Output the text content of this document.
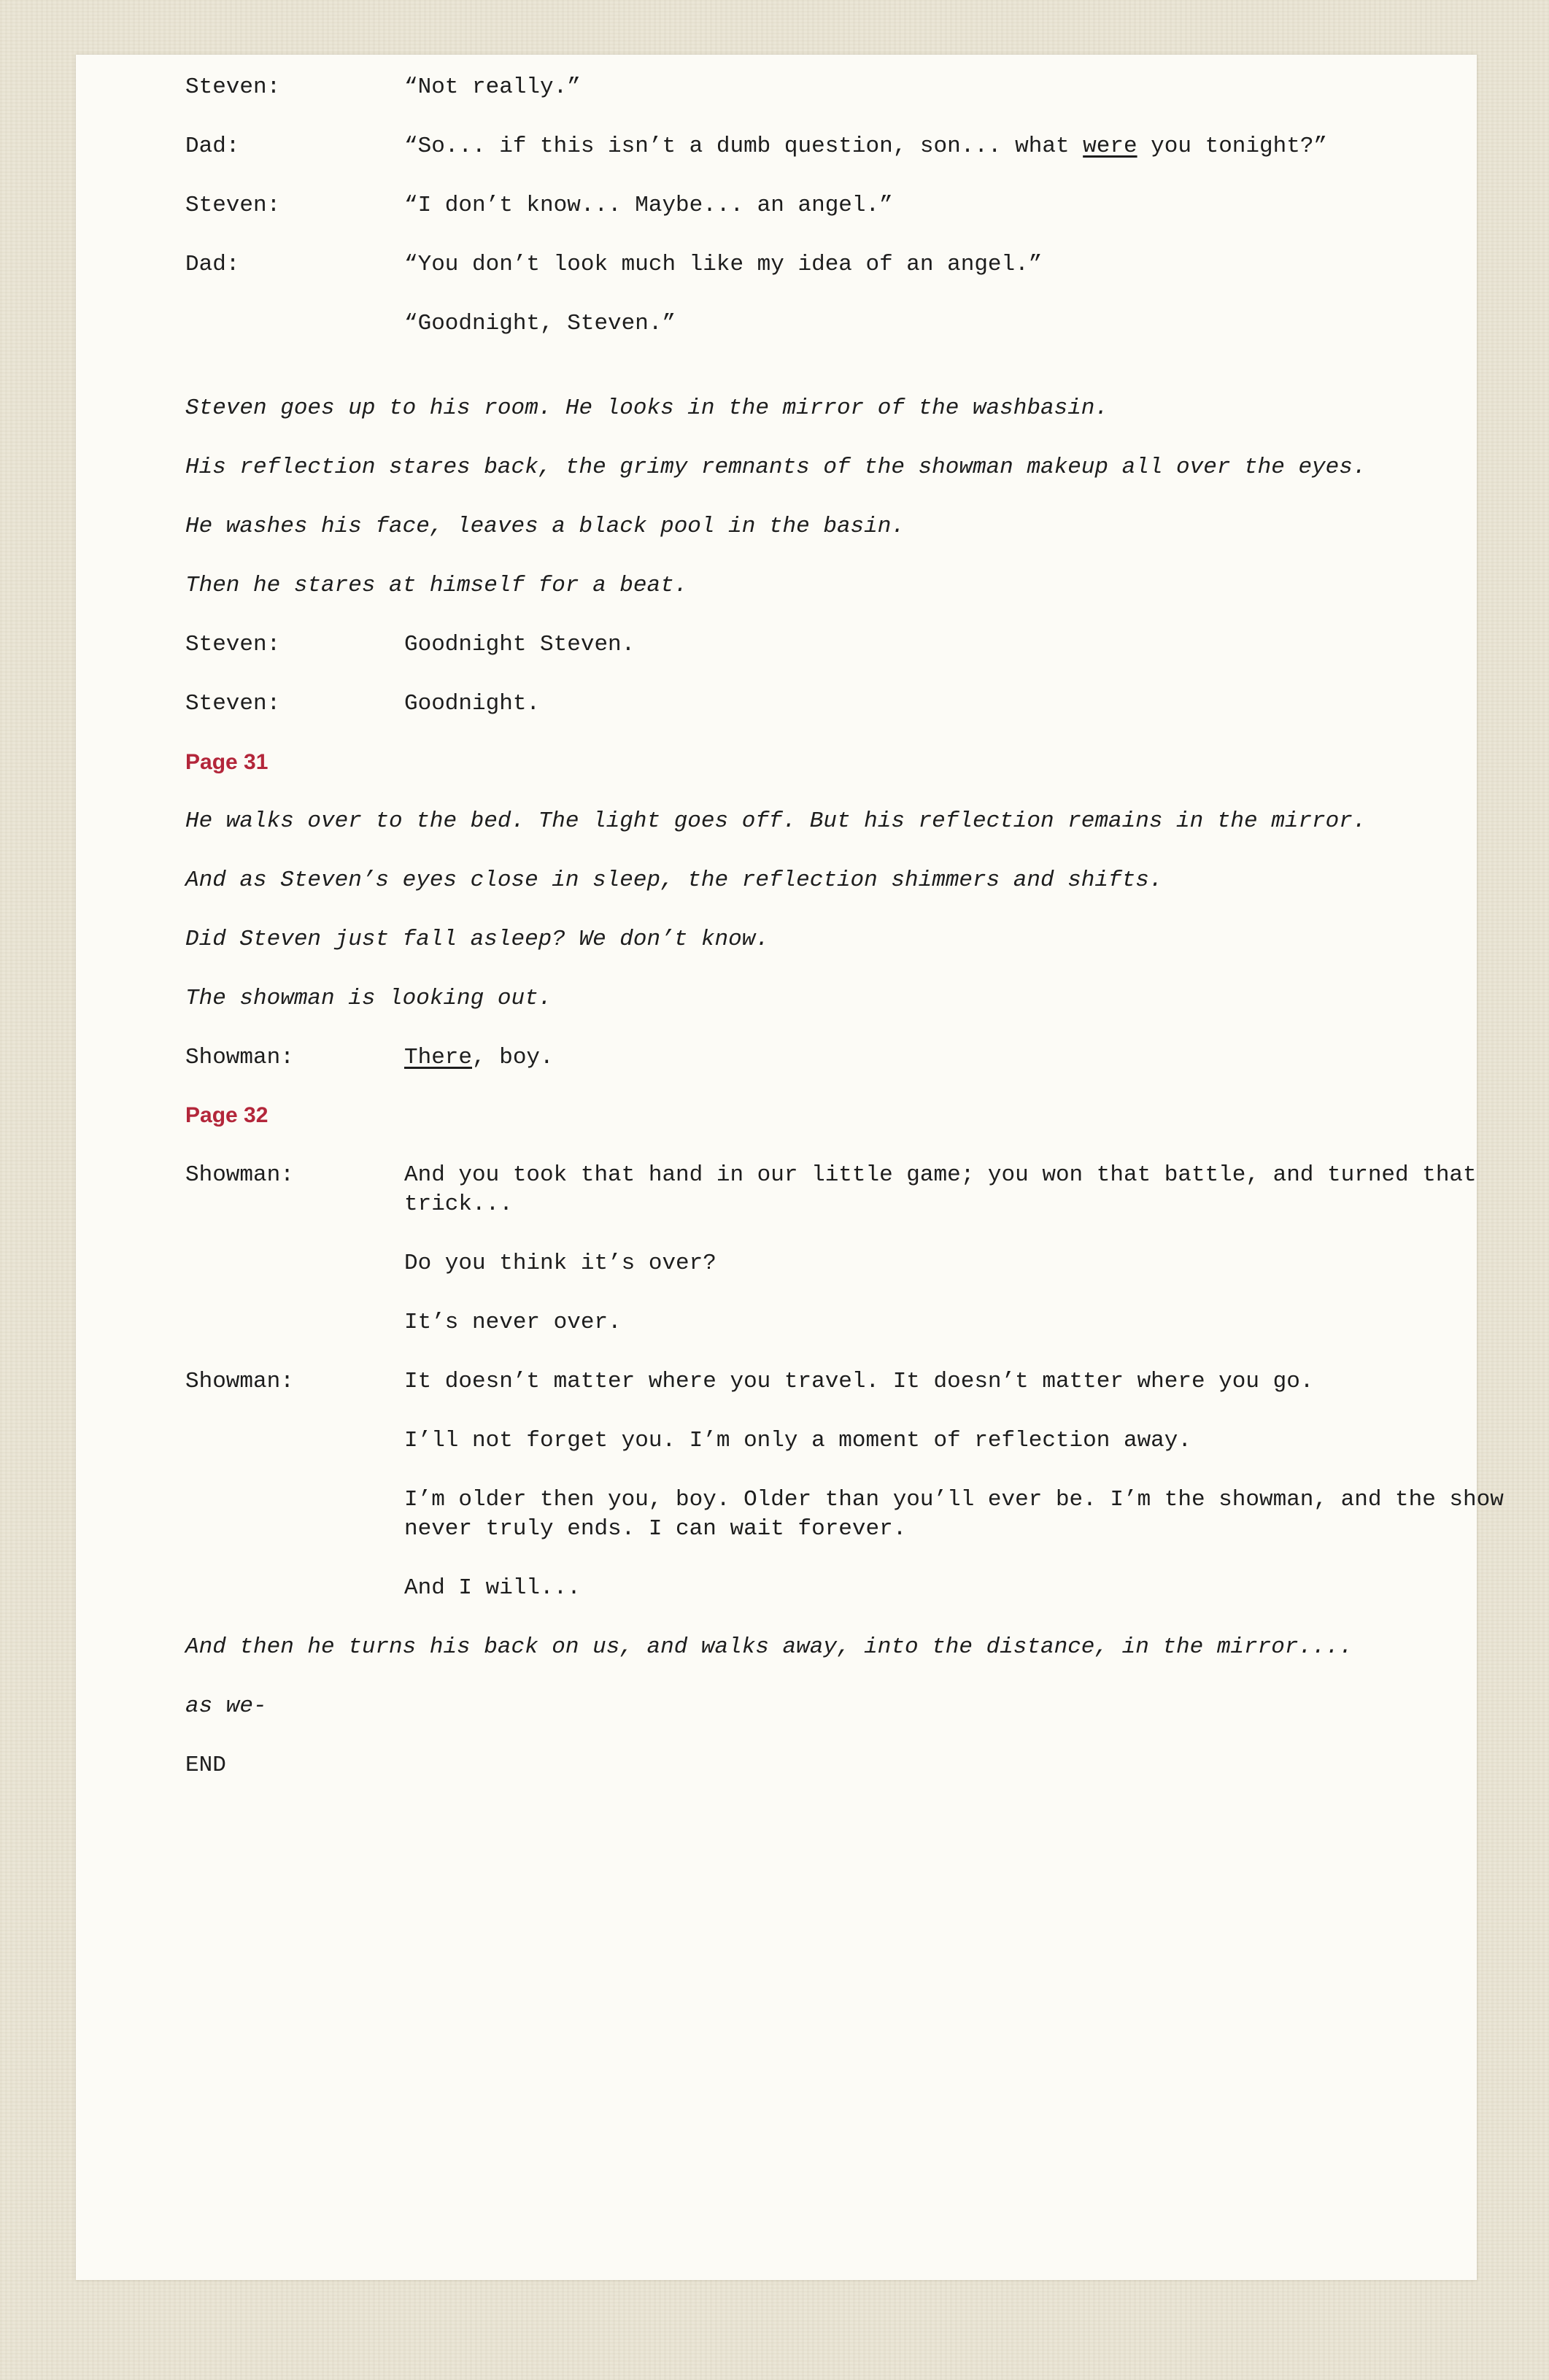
Steven:	“Not really.”
Dad:	“So... if this isn’t a dumb question, son... what were you tonight?”
Steven:	“I don’t know... Maybe... an angel.”
Dad:	“You don’t look much like my idea of an angel.”
“Goodnight, Steven.”
Steven goes up to his room. He looks in the mirror of the washbasin.
His reflection stares back, the grimy remnants of the showman makeup all over the eyes.
He washes his face, leaves a black pool in the basin.
Then he stares at himself for a beat.
Steven:	Goodnight Steven.
Steven:	Goodnight.
Page 31
He walks over to the bed. The light goes off. But his reflection remains in the mirror.
And as Steven’s eyes close in sleep, the reflection shimmers and shifts.
Did Steven just fall asleep? We don’t know.
The showman is looking out.
Showman:	There, boy.
Page 32
Showman:	And you took that hand in our little game; you won that battle, and turned that trick...
Do you think it’s over?
It’s never over.
Showman:	It doesn’t matter where you travel. It doesn’t matter where you go.
I’ll not forget you. I’m only a moment of reflection away.
I’m older then you, boy. Older than you’ll ever be. I’m the showman, and the show never truly ends. I can wait forever.
And I will...
And then he turns his back on us, and walks away, into the distance, in the mirror....
as we-
END
